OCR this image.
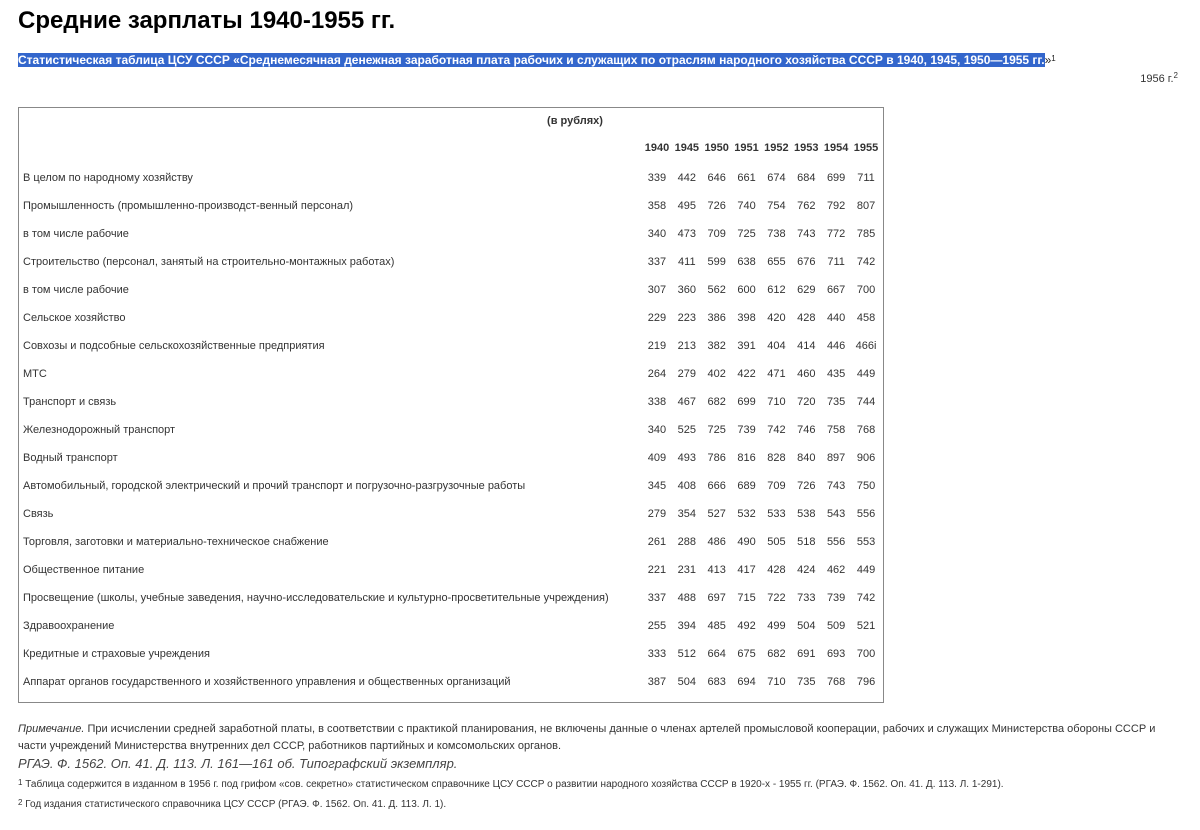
Средние зарплаты 1940-1955 гг.
Статистическая таблица ЦСУ СССР «Среднемесячная денежная заработная плата рабочих и служащих по отраслям народного хозяйства СССР в 1940, 1945, 1950—1955 гг.»$^1$
1956 г.$^2$
(в рублях)								
	1940	1945	1950	1951	1952	1953	1954	1955
В целом по народному хозяйству	339	442	646	661	674	684	699	711
Промышленность (промышленно-производст-венный персонал)	358	495	726	740	754	762	792	807
в том числе рабочие	340	473	709	725	738	743	772	785
Строительство (персонал, занятый на строительно-монтажных работах)	337	411	599	638	655	676	711	742
в том числе рабочие	307	360	562	600	612	629	667	700
Сельское хозяйство	229	223	386	398	420	428	440	458
Совхозы и подсобные сельскохозяйственные предприятия	219	213	382	391	404	414	446	466i
МТС	264	279	402	422	471	460	435	449
Транспорт и связь	338	467	682	699	710	720	735	744
Железнодорожный транспорт	340	525	725	739	742	746	758	768
Водный транспорт	409	493	786	816	828	840	897	906
Автомобильный, городской электрический и прочий транспорт и погрузочно-разгрузочные работы	345	408	666	689	709	726	743	750
Связь	279	354	527	532	533	538	543	556
Торговля, заготовки и материально-техническое снабжение	261	288	486	490	505	518	556	553
Общественное питание	221	231	413	417	428	424	462	449
Просвещение (школы, учебные заведения, научно-исследовательские и культурно-просветительные учреждения)	337	488	697	715	722	733	739	742
Здравоохранение	255	394	485	492	499	504	509	521
Кредитные и страховые учреждения	333	512	664	675	682	691	693	700
Аппарат органов государственного и хозяйственного управления и общественных организаций	387	504	683	694	710	735	768	796
Примечание. При исчислении средней заработной платы, в соответствии с практикой планирования, не включены данные о членах артелей промысловой кооперации, рабочих и служащих Министерства обороны СССР и части учреждений Министерства внутренних дел СССР, работников партийных и комсомольских органов.
РГАЭ. Ф. 1562. Оп. 41. Д. 113. Л. 161—161 об. Типографский экземпляр.
$^1$ Таблица содержится в изданном в 1956 г. под грифом «сов. секретно» статистическом справочнике ЦСУ СССР о развитии народного хозяйства СССР в 1920-х - 1955 гг. (РГАЭ. Ф. 1562. Оп. 41. Д. 113. Л. 1-291).
$^2$ Год издания статистического справочника ЦСУ СССР (РГАЭ. Ф. 1562. Оп. 41. Д. 113. Л. 1).
